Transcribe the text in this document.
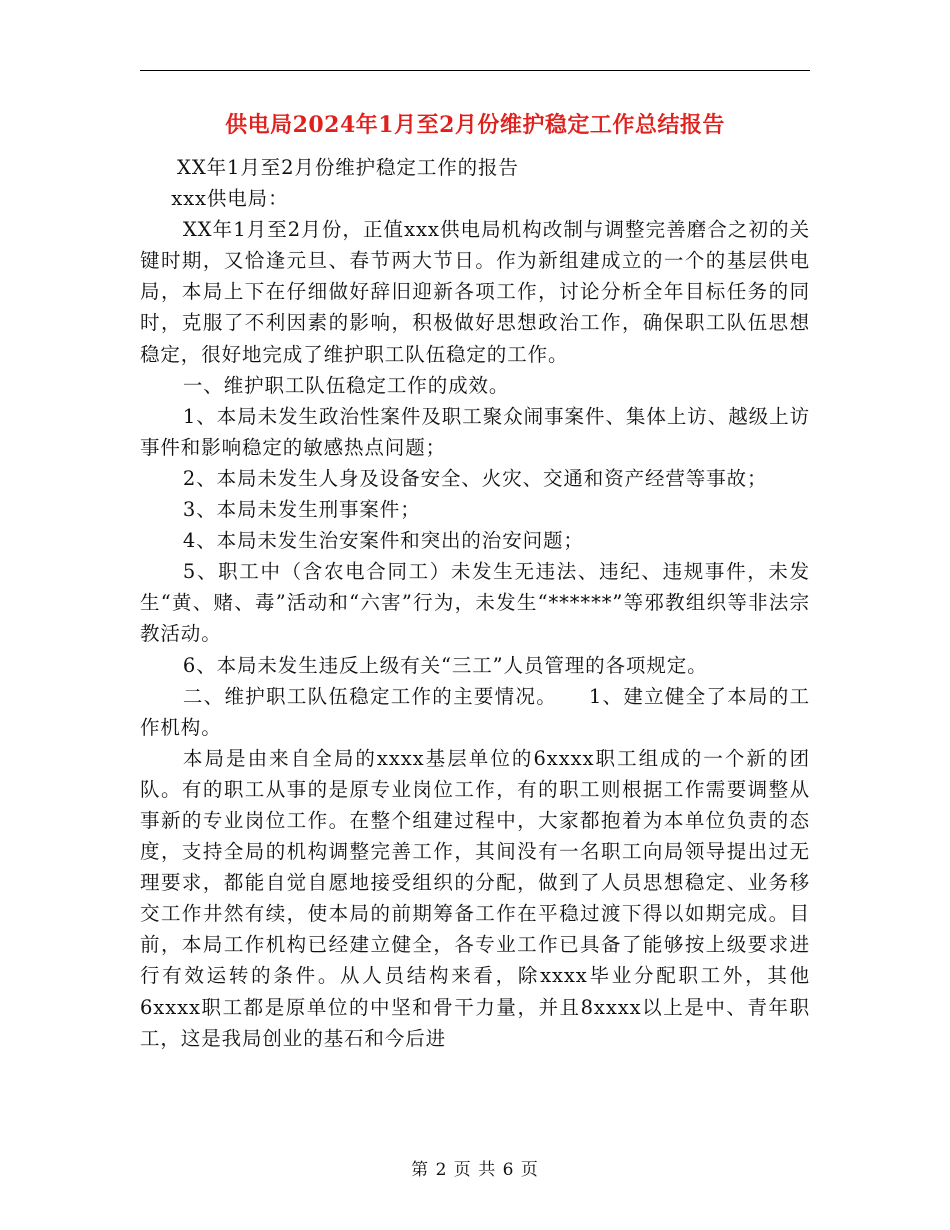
供电局2024年1月至2月份维护稳定工作总结报告

XX年1月至2月份维护稳定工作的报告

xxx供电局：

XX年1月至2月份，正值xxx供电局机构改制与调整完善磨合之初的关键时期，又恰逢元旦、春节两大节日。作为新组建成立的一个的基层供电局，本局上下在仔细做好辞旧迎新各项工作，讨论分析全年目标任务的同时，克服了不利因素的影响，积极做好思想政治工作，确保职工队伍思想稳定，很好地完成了维护职工队伍稳定的工作。

一、维护职工队伍稳定工作的成效。

1、本局未发生政治性案件及职工聚众闹事案件、集体上访、越级上访事件和影响稳定的敏感热点问题；

2、本局未发生人身及设备安全、火灾、交通和资产经营等事故；

3、本局未发生刑事案件；

4、本局未发生治安案件和突出的治安问题；

5、职工中（含农电合同工）未发生无违法、违纪、违规事件，未发生“黄、赌、毒”活动和“六害”行为，未发生“******”等邪教组织等非法宗教活动。

6、本局未发生违反上级有关“三工”人员管理的各项规定。

二、维护职工队伍稳定工作的主要情况。　　1、建立健全了本局的工作机构。

本局是由来自全局的xxxx基层单位的6xxxx职工组成的一个新的团队。有的职工从事的是原专业岗位工作，有的职工则根据工作需要调整从事新的专业岗位工作。在整个组建过程中，大家都抱着为本单位负责的态度，支持全局的机构调整完善工作，其间没有一名职工向局领导提出过无理要求，都能自觉自愿地接受组织的分配，做到了人员思想稳定、业务移交工作井然有续，使本局的前期筹备工作在平稳过渡下得以如期完成。目前，本局工作机构已经建立健全，各专业工作已具备了能够按上级要求进行有效运转的条件。从人员结构来看，除xxxx毕业分配职工外，其他6xxxx职工都是原单位的中坚和骨干力量，并且8xxxx以上是中、青年职工，这是我局创业的基石和今后进

第 2 页 共 6 页
